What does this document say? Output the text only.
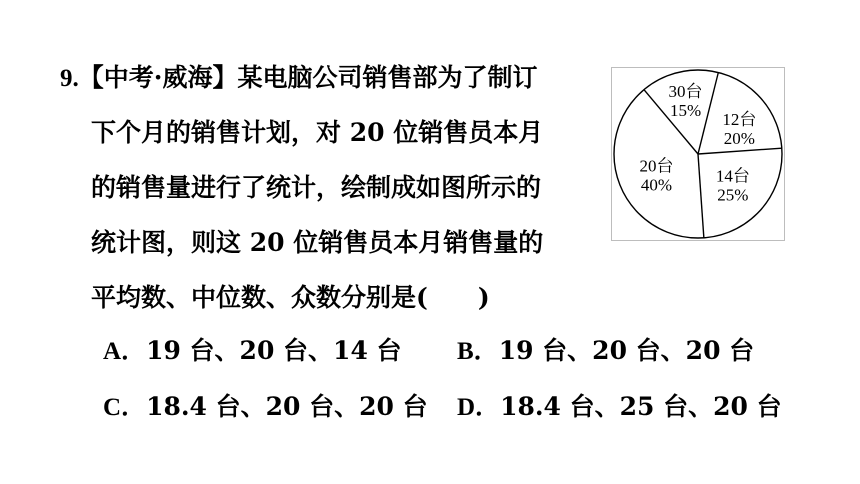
9.【中考·威海】某电脑公司销售部为了制订
下个月的销售计划，对 20 位销售员本月
的销售量进行了统计，绘制成如图所示的
统计图，则这 20 位销售员本月销售量的
平均数、中位数、众数分别是(　　)
30台
15% 12台
20%
14台
25%
20台
40%
A．19 台、20 台、14 台 B．19 台、20 台、20 台
C．18.4 台、20 台、20 台 D．18.4 台、25 台、20 台
